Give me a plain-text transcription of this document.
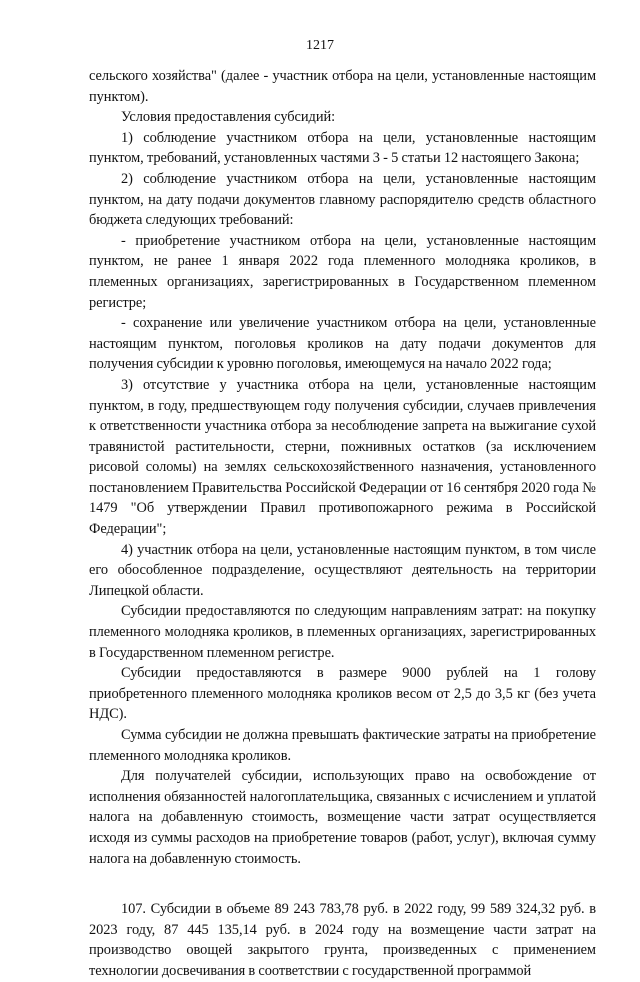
1217

сельского хозяйства" (далее - участник отбора на цели, установленные настоящим пунктом).

Условия предоставления субсидий:

1) соблюдение участником отбора на цели, установленные настоящим пунктом, требований, установленных частями 3 - 5 статьи 12 настоящего Закона;

2) соблюдение участником отбора на цели, установленные настоящим пунктом, на дату подачи документов главному распорядителю средств областного бюджета следующих требований:

- приобретение участником отбора на цели, установленные настоящим пунктом, не ранее 1 января 2022 года племенного молодняка кроликов, в племенных организациях, зарегистрированных в Государственном племенном регистре;

- сохранение или увеличение участником отбора на цели, установленные настоящим пунктом, поголовья кроликов на дату подачи документов для получения субсидии к уровню поголовья, имеющемуся на начало 2022 года;

3) отсутствие у участника отбора на цели, установленные настоящим пунктом, в году, предшествующем году получения субсидии, случаев привлечения к ответственности участника отбора за несоблюдение запрета на выжигание сухой травянистой растительности, стерни, пожнивных остатков (за исключением рисовой соломы) на землях сельскохозяйственного назначения, установленного постановлением Правительства Российской Федерации от 16 сентября 2020 года № 1479 "Об утверждении Правил противопожарного режима в Российской Федерации";

4) участник отбора на цели, установленные настоящим пунктом, в том числе его обособленное подразделение, осуществляют деятельность на территории Липецкой области.

Субсидии предоставляются по следующим направлениям затрат: на покупку племенного молодняка кроликов, в племенных организациях, зарегистрированных в Государственном племенном регистре.

Субсидии предоставляются в размере 9000 рублей на 1 голову приобретенного племенного молодняка кроликов весом от 2,5 до 3,5 кг (без учета НДС).

Сумма субсидии не должна превышать фактические затраты на приобретение племенного молодняка кроликов.

Для получателей субсидии, использующих право на освобождение от исполнения обязанностей налогоплательщика, связанных с исчислением и уплатой налога на добавленную стоимость, возмещение части затрат осуществляется исходя из суммы расходов на приобретение товаров (работ, услуг), включая сумму налога на добавленную стоимость.

107. Субсидии в объеме 89 243 783,78 руб. в 2022 году, 99 589 324,32 руб. в 2023 году, 87 445 135,14 руб. в 2024 году на возмещение части затрат на производство овощей закрытого грунта, произведенных с применением технологии досвечивания в соответствии с государственной программой
